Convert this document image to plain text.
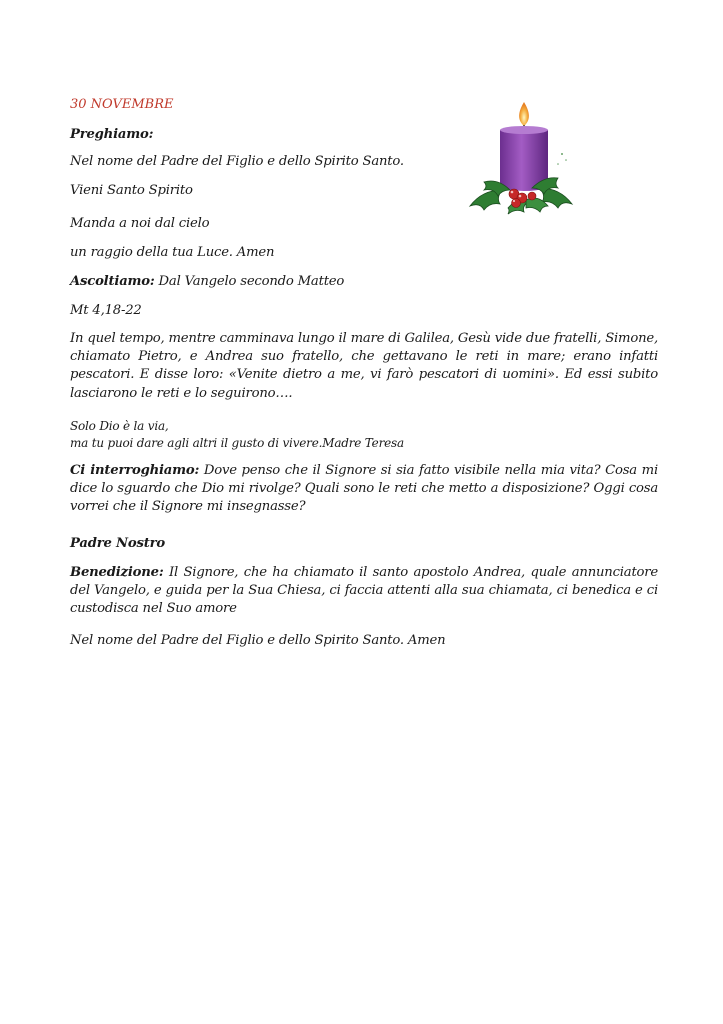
30 NOVEMBRE
Preghiamo:
Nel nome del Padre del Figlio e dello Spirito Santo.
Vieni Santo Spirito
Manda a noi dal cielo
un raggio della tua Luce. Amen
Ascoltiamo: Dal Vangelo secondo Matteo
Mt 4,18-22
In quel tempo, mentre camminava lungo il mare di Galilea, Gesù vide due fratelli, Simone, chiamato Pietro, e Andrea suo fratello, che gettavano le reti in mare; erano infatti pescatori. E disse loro: «Venite dietro a me, vi farò pescatori di uomini». Ed essi subito lasciarono le reti e lo seguirono….
Solo Dio è la via,
ma tu puoi dare agli altri il gusto di vivere.Madre Teresa
Ci interroghiamo: Dove penso che il Signore si sia fatto visibile nella mia vita? Cosa mi dice lo sguardo che Dio mi rivolge? Quali sono le reti che metto a disposizione? Oggi cosa vorrei che il Signore mi insegnasse?
Padre Nostro
Benedizione: Il Signore, che ha chiamato il santo apostolo Andrea, quale annunciatore del Vangelo, e guida per la Sua Chiesa, ci faccia attenti alla sua chiamata, ci benedica e ci custodisca nel Suo amore
Nel nome del Padre del Figlio e dello Spirito Santo. Amen
